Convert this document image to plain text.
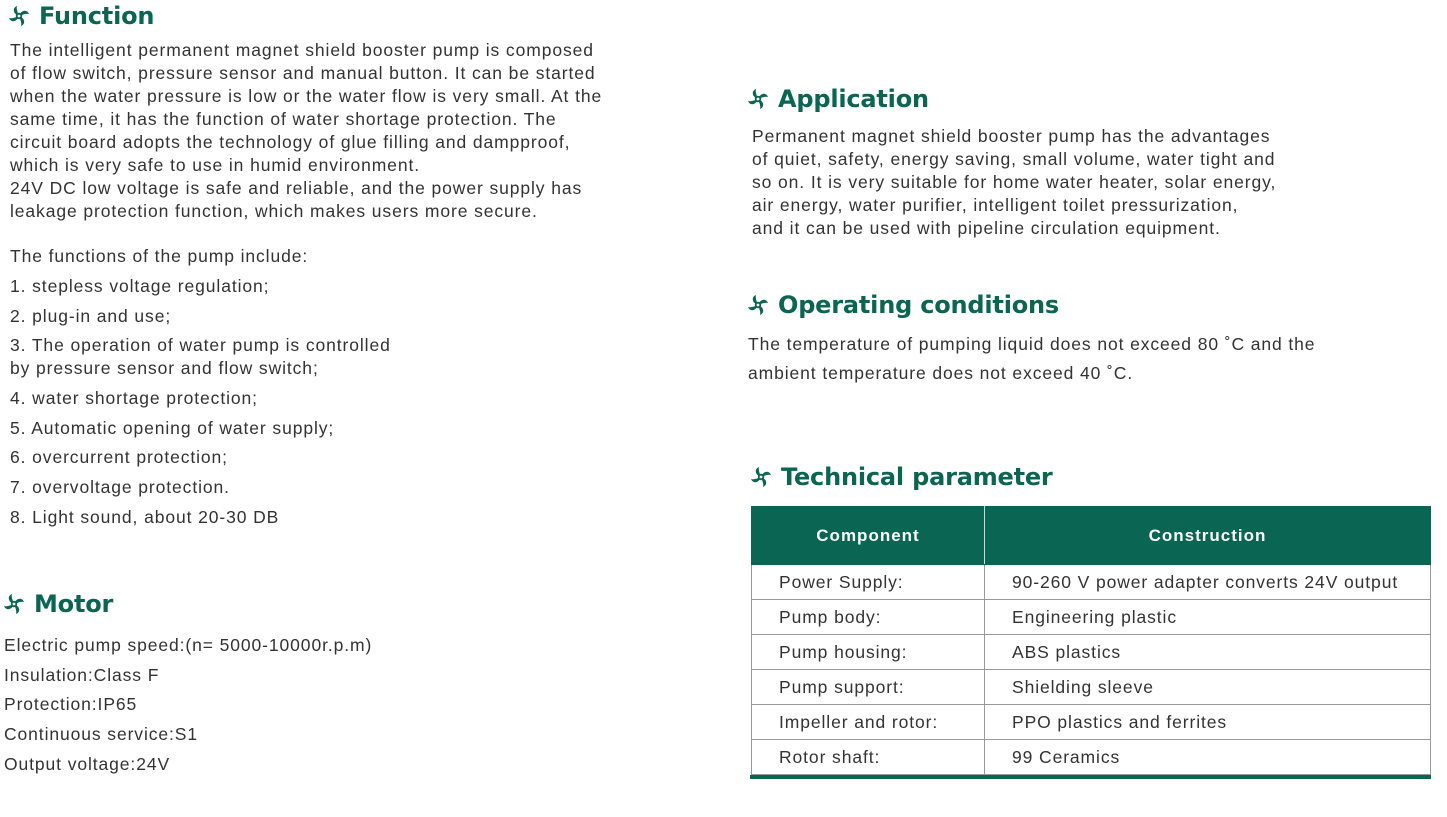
Function

The intelligent permanent magnet shield booster pump is composed
of flow switch, pressure sensor and manual button. It can be started
when the water pressure is low or the water flow is very small. At the
same time, it has the function of water shortage protection. The
circuit board adopts the technology of glue filling and dampproof,
which is very safe to use in humid environment.
24V DC low voltage is safe and reliable, and the power supply has
leakage protection function, which makes users more secure.

The functions of the pump include:
1. stepless voltage regulation;
2. plug-in and use;
3. The operation of water pump is controlled
by pressure sensor and flow switch;
4. water shortage protection;
5. Automatic opening of water supply;
6. overcurrent protection;
7. overvoltage protection.
8. Light sound, about 20-30 DB
Motor
Electric pump speed:(n= 5000-10000r.p.m)
Insulation:Class F
Protection:IP65
Continuous service:S1
Output voltage:24V
Application

Permanent magnet shield booster pump has the advantages
of quiet, safety, energy saving, small volume, water tight and
so on. It is very suitable for home water heater, solar energy,
air energy, water purifier, intelligent toilet pressurization,
and it can be used with pipeline circulation equipment.

Operating conditions

The temperature of pumping liquid does not exceed 80 ˚C and the
ambient temperature does not exceed 40 ˚C.

Technical parameter
Component	Construction
Power Supply:	90-260 V power adapter converts 24V output
Pump body:	Engineering plastic
Pump housing:	ABS plastics
Pump support:	Shielding sleeve
Impeller and rotor:	PPO plastics and ferrites
Rotor shaft:	99 Ceramics
